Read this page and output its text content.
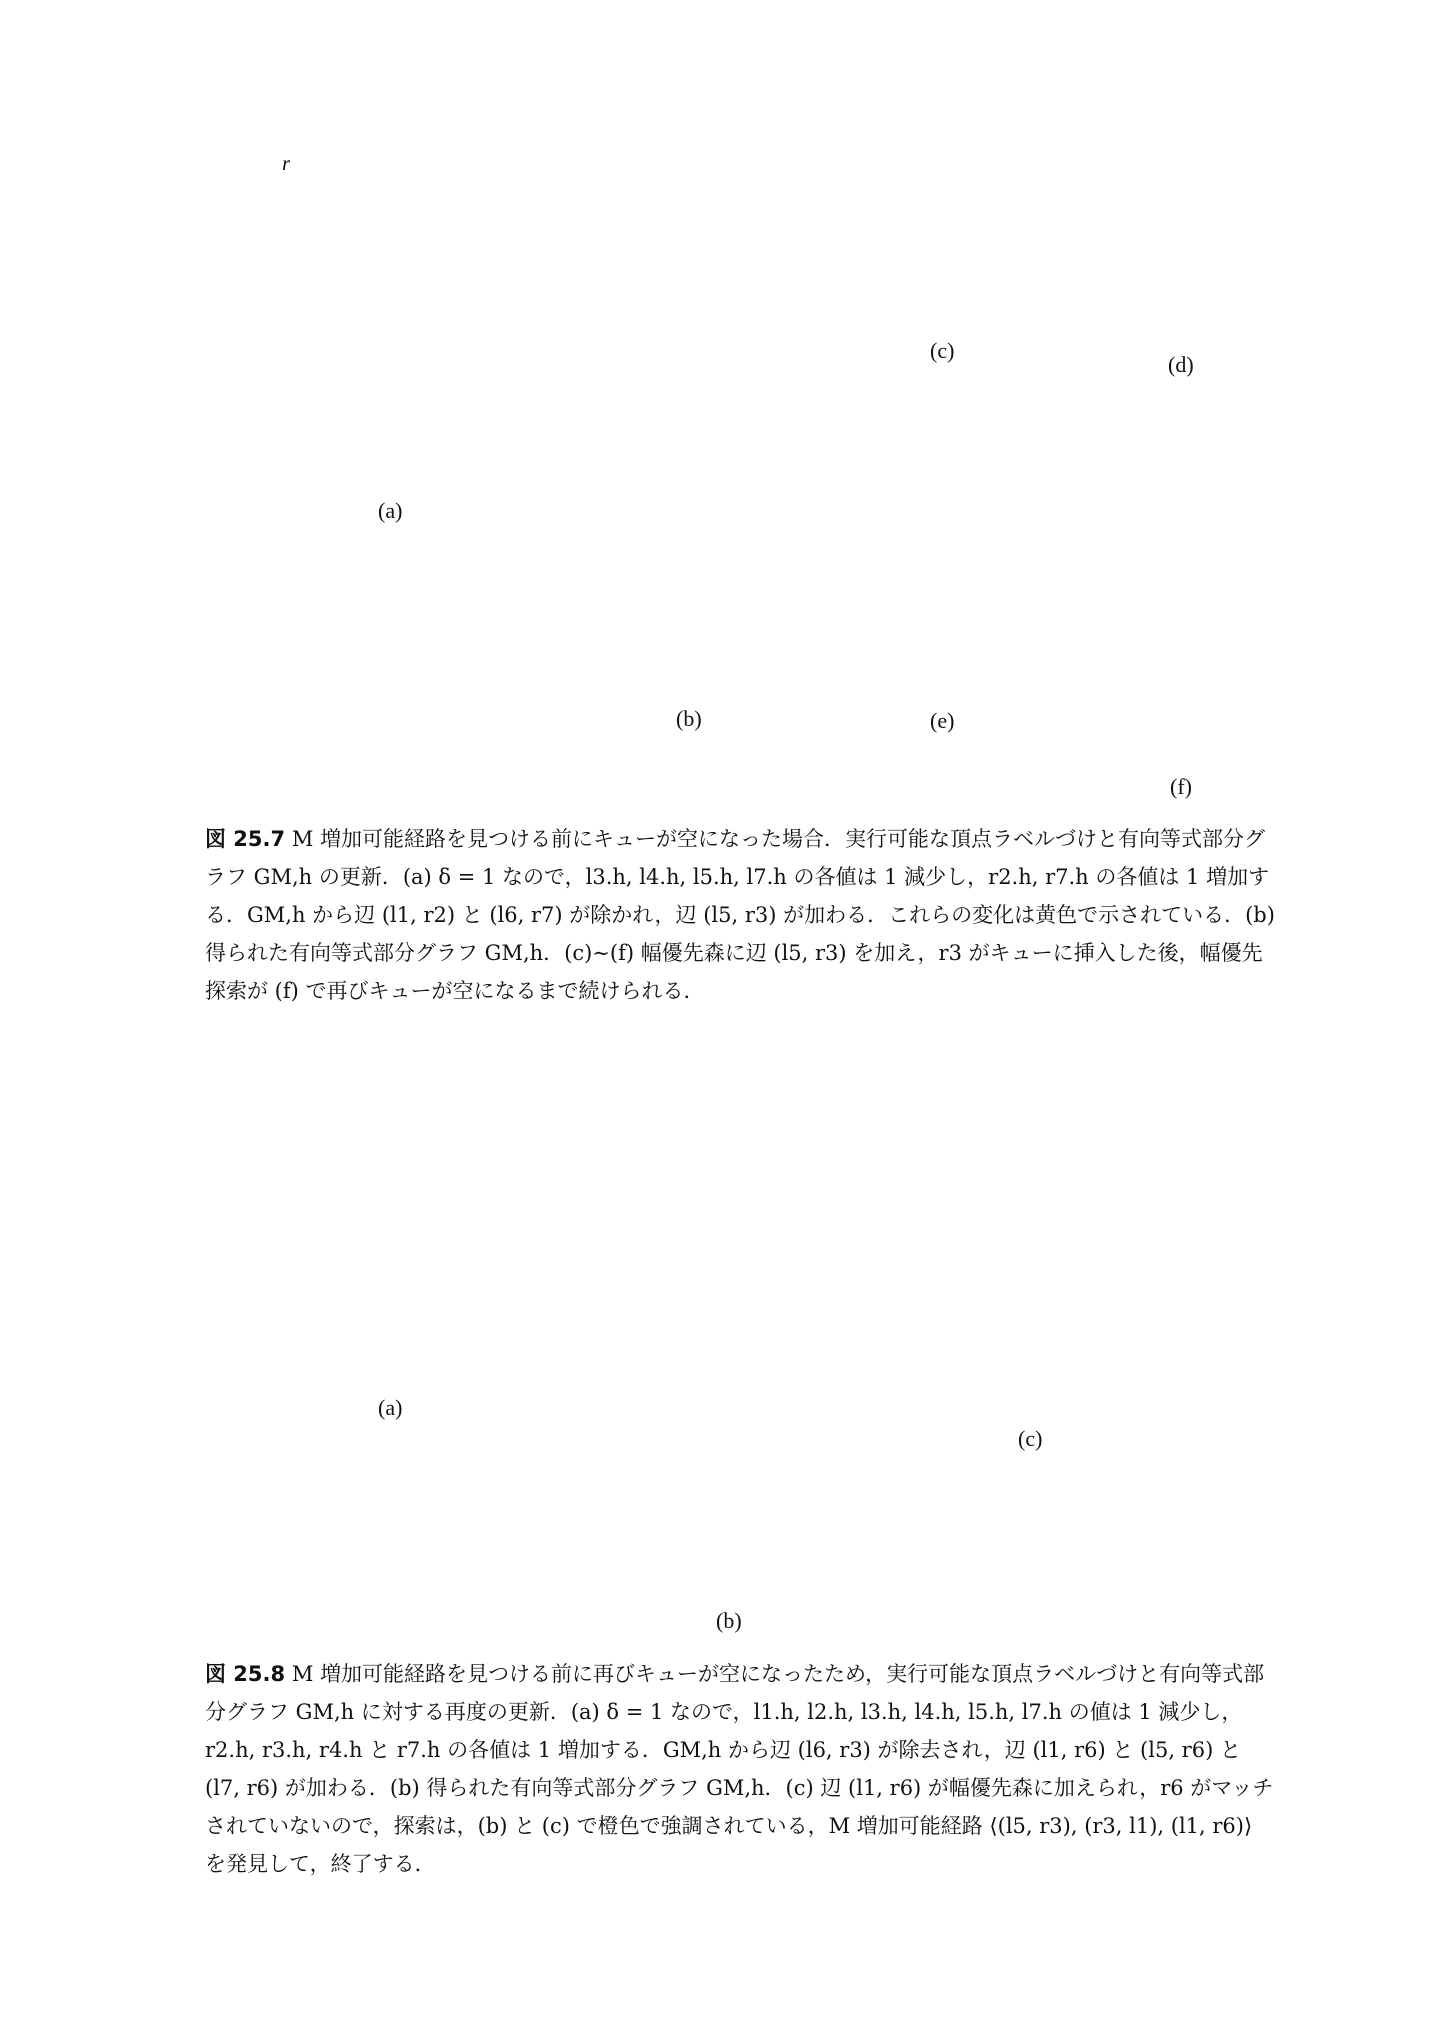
r
(a)
(b)
(c)
(d)
(e)
(f)
図 25.7 M 増加可能経路を見つける前にキューが空になった場合．実行可能な頂点ラベルづけと有向等式部分グラフ GM,h の更新．(a) δ = 1 なので，l3.h, l4.h, l5.h, l7.h の各値は 1 減少し，r2.h, r7.h の各値は 1 増加する．GM,h から辺 (l1, r2) と (l6, r7) が除かれ，辺 (l5, r3) が加わる．これらの変化は黄色で示されている．(b) 得られた有向等式部分グラフ GM,h．(c)∼(f) 幅優先森に辺 (l5, r3) を加え，r3 がキューに挿入した後，幅優先探索が (f) で再びキューが空になるまで続けられる．
(a)
(b)
(c)
図 25.8 M 増加可能経路を見つける前に再びキューが空になったため，実行可能な頂点ラベルづけと有向等式部分グラフ GM,h に対する再度の更新．(a) δ = 1 なので，l1.h, l2.h, l3.h, l4.h, l5.h, l7.h の値は 1 減少し，r2.h, r3.h, r4.h と r7.h の各値は 1 増加する．GM,h から辺 (l6, r3) が除去され，辺 (l1, r6) と (l5, r6) と (l7, r6) が加わる．(b) 得られた有向等式部分グラフ GM,h．(c) 辺 (l1, r6) が幅優先森に加えられ，r6 がマッチされていないので，探索は，(b) と (c) で橙色で強調されている，M 増加可能経路 ⟨(l5, r3), (r3, l1), (l1, r6)⟩ を発見して，終了する．
